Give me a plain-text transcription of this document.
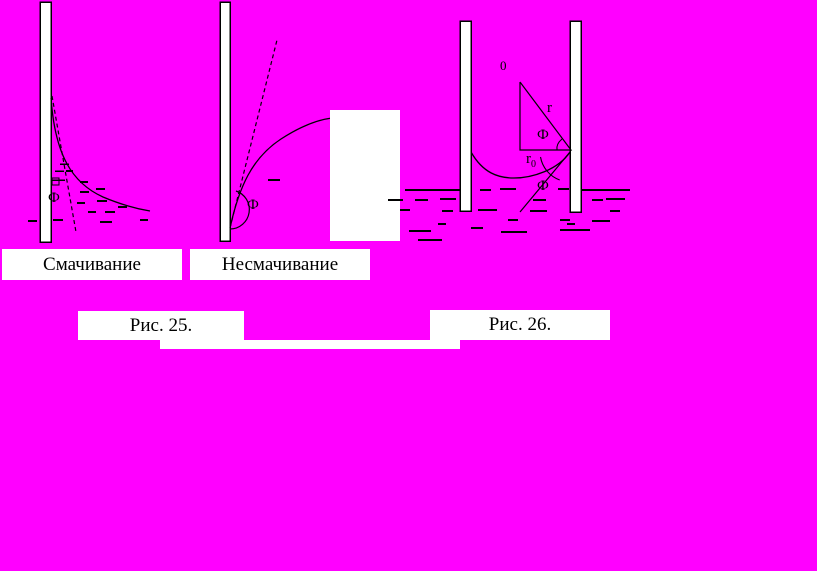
Ф	Ф
0
r
Ф
$r_0$
Ф
Смачивание	Несмачивание
Рис. 25.	Рис. 26.
